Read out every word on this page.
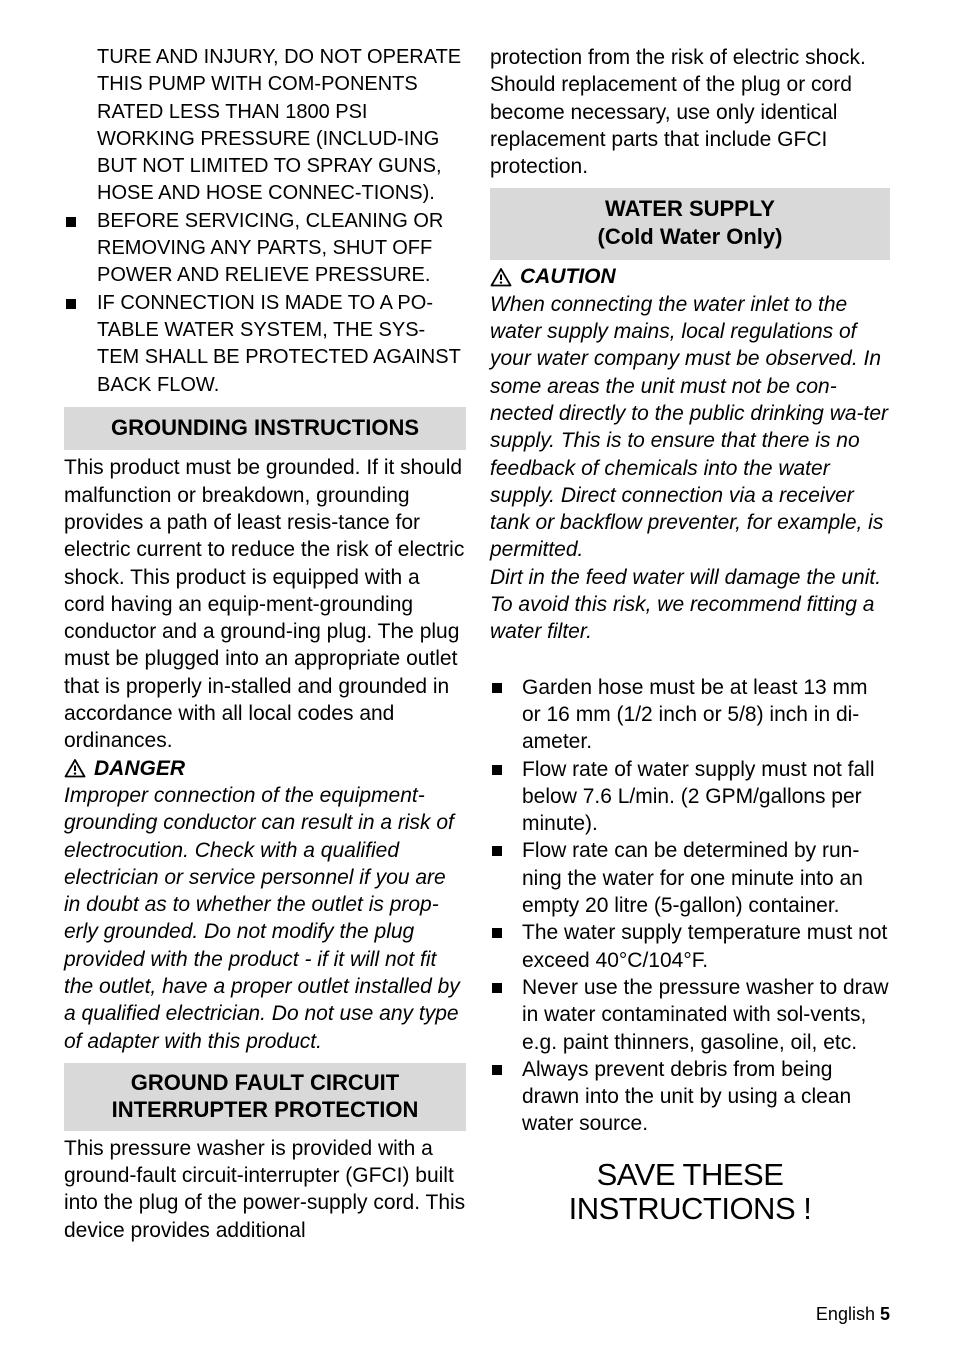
TURE AND INJURY, DO NOT OPERATE THIS PUMP WITH COM-PONENTS RATED LESS THAN 1800 PSI WORKING PRESSURE (INCLUD-ING BUT NOT LIMITED TO SPRAY GUNS, HOSE AND HOSE CONNEC-TIONS).
BEFORE SERVICING, CLEANING OR REMOVING ANY PARTS, SHUT OFF POWER AND RELIEVE PRESSURE.
IF CONNECTION IS MADE TO A PO-TABLE WATER SYSTEM, THE SYS-TEM SHALL BE PROTECTED AGAINST BACK FLOW.
GROUNDING INSTRUCTIONS

This product must be grounded. If it should malfunction or breakdown, grounding provides a path of least resis-tance for electric current to reduce the risk of electric shock. This product is equipped with a cord having an equip-ment-grounding conductor and a ground-ing plug. The plug must be plugged into an appropriate outlet that is properly in-stalled and grounded in accordance with all local codes and ordinances.

DANGER

Improper connection of the equipment-grounding conductor can result in a risk of electrocution. Check with a qualified electrician or service personnel if you are in doubt as to whether the outlet is prop-erly grounded. Do not modify the plug provided with the product - if it will not fit the outlet, have a proper outlet installed by a qualified electrician. Do not use any type of adapter with this product.

GROUND FAULT CIRCUIT
INTERRUPTER PROTECTION

This pressure washer is provided with a ground-fault circuit-interrupter (GFCI) built into the plug of the power-supply cord. This device provides additional

protection from the risk of electric shock. Should replacement of the plug or cord become necessary, use only identical replacement parts that include GFCI protection.

WATER SUPPLY
(Cold Water Only)
CAUTION

When connecting the water inlet to the water supply mains, local regulations of your water company must be observed. In some areas the unit must not be con-nected directly to the public drinking wa-ter supply. This is to ensure that there is no feedback of chemicals into the water supply. Direct connection via a receiver tank or backflow preventer, for example, is permitted.

Dirt in the feed water will damage the unit. To avoid this risk, we recommend fitting a water filter.

Garden hose must be at least 13 mm or 16 mm (1/2 inch or 5/8) inch in di-ameter.
Flow rate of water supply must not fall below 7.6 L/min. (2 GPM/gallons per minute).
Flow rate can be determined by run-ning the water for one minute into an empty 20 litre (5-gallon) container.
The water supply temperature must not exceed 40°C/104°F.
Never use the pressure washer to draw in water contaminated with sol-vents, e.g. paint thinners, gasoline, oil, etc.
Always prevent debris from being drawn into the unit by using a clean water source.
SAVE THESE
INSTRUCTIONS !
English 5
